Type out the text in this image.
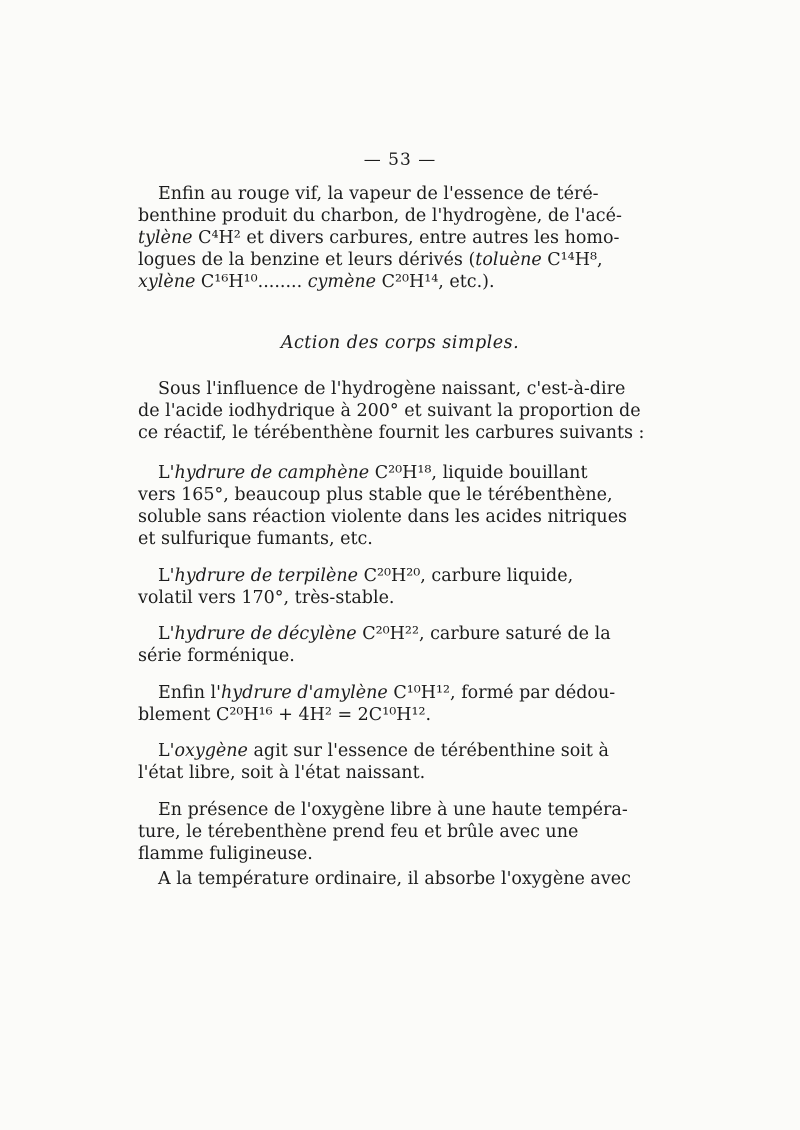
— 53 —
Enfin au rouge vif, la vapeur de l'essence de téré-
benthine produit du charbon, de l'hydrogène, de l'acé-
tylène C⁴H² et divers carbures, entre autres les homo-
logues de la benzine et leurs dérivés (toluène C¹⁴H⁸,
xylène C¹⁶H¹⁰........ cymène C²⁰H¹⁴, etc.).
Action des corps simples.
Sous l'influence de l'hydrogène naissant, c'est-à-dire
de l'acide iodhydrique à 200° et suivant la proportion de
ce réactif, le térébenthène fournit les carbures suivants :
L'hydrure de camphène C²⁰H¹⁸, liquide bouillant
vers 165°, beaucoup plus stable que le térébenthène,
soluble sans réaction violente dans les acides nitriques
et sulfurique fumants, etc.
L'hydrure de terpilène C²⁰H²⁰, carbure liquide,
volatil vers 170°, très-stable.
L'hydrure de décylène C²⁰H²², carbure saturé de la
série forménique.
Enfin l'hydrure d'amylène C¹⁰H¹², formé par dédou-
blement C²⁰H¹⁶ + 4H² = 2C¹⁰H¹².
L'oxygène agit sur l'essence de térébenthine soit à
l'état libre, soit à l'état naissant.
En présence de l'oxygène libre à une haute tempéra-
ture, le térebenthène prend feu et brûle avec une
flamme fuligineuse.
A la température ordinaire, il absorbe l'oxygène avec
